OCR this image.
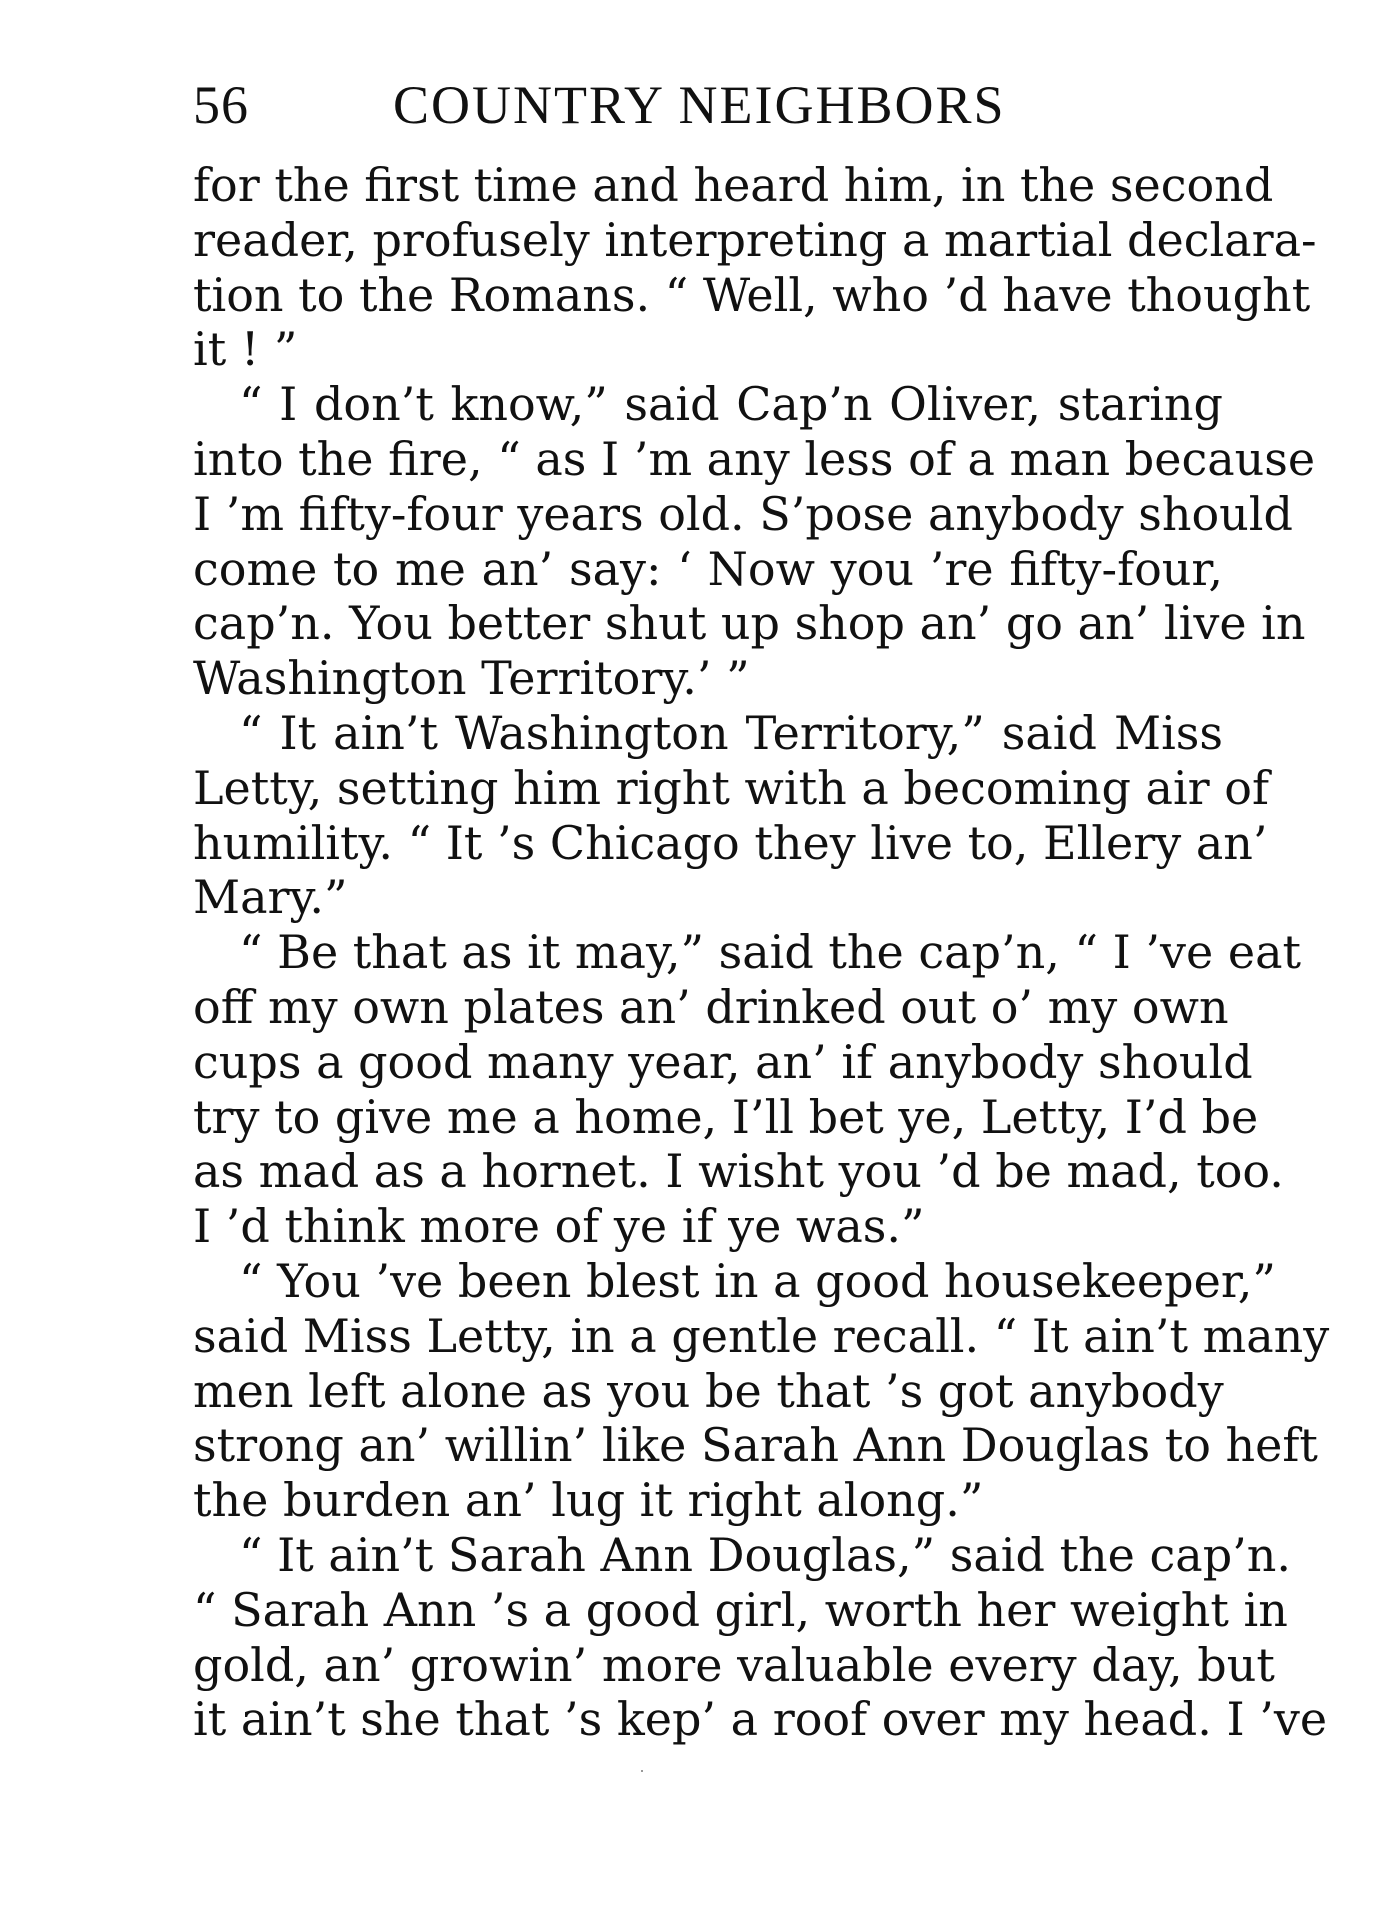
56	COUNTRY NEIGHBORS
for the first time and heard him, in the second
reader, profusely interpreting a martial declara-
tion to the Romans. “ Well, who ’d have thought
it ! ”
“ I don’t know,” said Cap’n Oliver, staring
into the fire, “ as I ’m any less of a man because
I ’m fifty-four years old. S’pose anybody should
come to me an’ say: ‘ Now you ’re fifty-four,
cap’n. You better shut up shop an’ go an’ live in
Washington Territory.’ ”
“ It ain’t Washington Territory,” said Miss
Letty, setting him right with a becoming air of
humility. “ It ’s Chicago they live to, Ellery an’
Mary.”
“ Be that as it may,” said the cap’n, “ I ’ve eat
off my own plates an’ drinked out o’ my own
cups a good many year, an’ if anybody should
try to give me a home, I’ll bet ye, Letty, I’d be
as mad as a hornet. I wisht you ’d be mad, too.
I ’d think more of ye if ye was.”
“ You ’ve been blest in a good housekeeper,”
said Miss Letty, in a gentle recall. “ It ain’t many
men left alone as you be that ’s got anybody
strong an’ willin’ like Sarah Ann Douglas to heft
the burden an’ lug it right along.”
“ It ain’t Sarah Ann Douglas,” said the cap’n.
“ Sarah Ann ’s a good girl, worth her weight in
gold, an’ growin’ more valuable every day, but
it ain’t she that ’s kep’ a roof over my head. I ’ve
